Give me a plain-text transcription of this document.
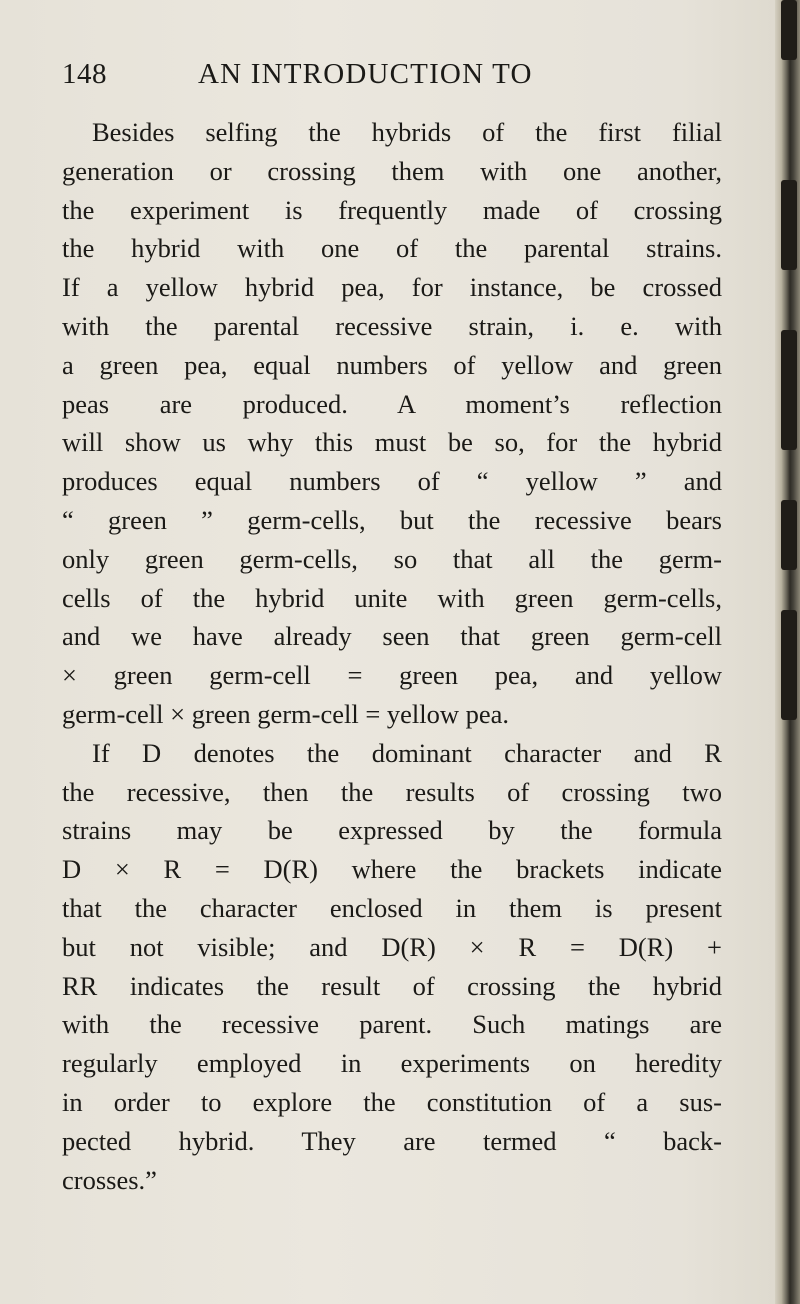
148	AN INTRODUCTION TO
Besides selfing the hybrids of the first filial
generation or crossing them with one another,
the experiment is frequently made of crossing
the hybrid with one of the parental strains.
If a yellow hybrid pea, for instance, be crossed
with the parental recessive strain, i. e. with
a green pea, equal numbers of yellow and green
peas are produced. A moment’s reflection
will show us why this must be so, for the hybrid
produces equal numbers of “ yellow ” and
“ green ” germ-cells, but the recessive bears
only green germ-cells, so that all the germ-
cells of the hybrid unite with green germ-cells,
and we have already seen that green germ-cell
× green germ-cell = green pea, and yellow
germ-cell × green germ-cell = yellow pea.
If D denotes the dominant character and R
the recessive, then the results of crossing two
strains may be expressed by the formula
D × R = D(R) where the brackets indicate
that the character enclosed in them is present
but not visible; and D(R) × R = D(R) +
RR indicates the result of crossing the hybrid
with the recessive parent. Such matings are
regularly employed in experiments on heredity
in order to explore the constitution of a sus-
pected hybrid. They are termed “ back-
crosses.”
